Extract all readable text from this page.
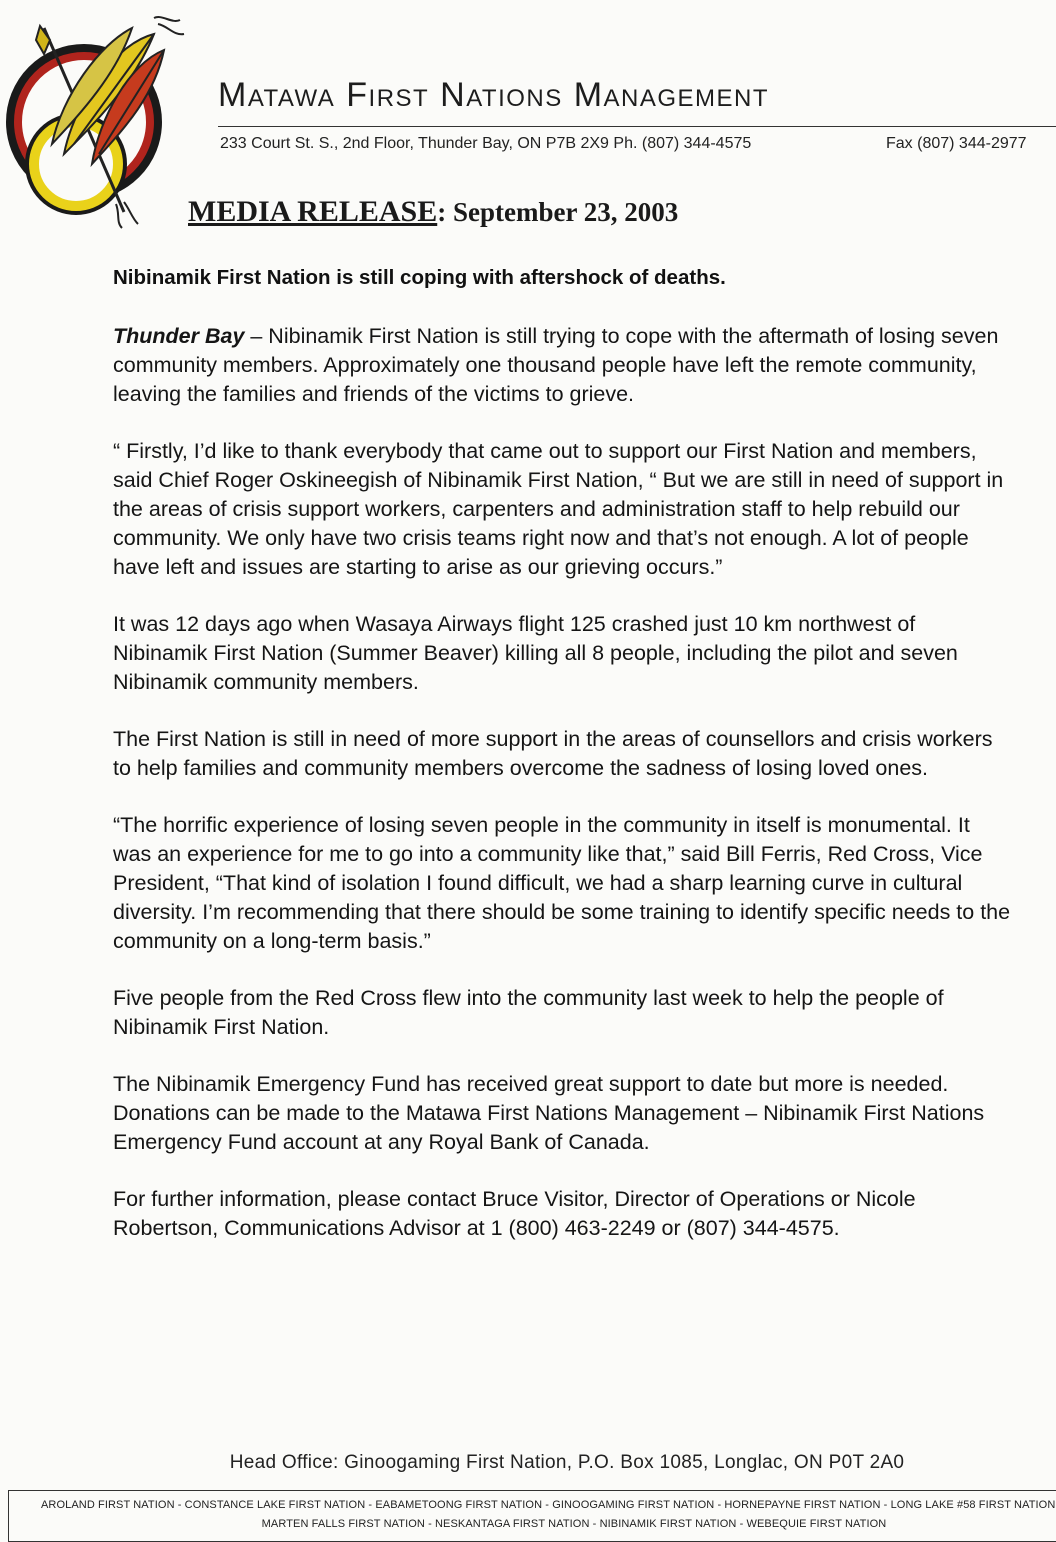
Matawa First Nations Management
233 Court St. S., 2nd Floor, Thunder Bay, ON P7B 2X9 Ph. (807) 344-4575	Fax (807) 344-2977
MEDIA RELEASE: September 23, 2003
Nibinamik First Nation is still coping with aftershock of deaths.

Thunder Bay – Nibinamik First Nation is still trying to cope with the aftermath of losing seven community members. Approximately one thousand people have left the remote community, leaving the families and friends of the victims to grieve.

“ Firstly, I’d like to thank everybody that came out to support our First Nation and members, said Chief Roger Oskineegish of Nibinamik First Nation, “ But we are still in need of support in the areas of crisis support workers, carpenters and administration staff to help rebuild our community. We only have two crisis teams right now and that’s not enough. A lot of people have left and issues are starting to arise as our grieving occurs.”

It was 12 days ago when Wasaya Airways flight 125 crashed just 10 km northwest of Nibinamik First Nation (Summer Beaver) killing all 8 people, including the pilot and seven Nibinamik community members.

The First Nation is still in need of more support in the areas of counsellors and crisis workers to help families and community members overcome the sadness of losing loved ones.

“The horrific experience of losing seven people in the community in itself is monumental. It was an experience for me to go into a community like that,” said Bill Ferris, Red Cross, Vice President, “That kind of isolation I found difficult, we had a sharp learning curve in cultural diversity. I’m recommending that there should be some training to identify specific needs to the community on a long-term basis.”

Five people from the Red Cross flew into the community last week to help the people of Nibinamik First Nation.

The Nibinamik Emergency Fund has received great support to date but more is needed. Donations can be made to the Matawa First Nations Management – Nibinamik First Nations Emergency Fund account at any Royal Bank of Canada.

For further information, please contact Bruce Visitor, Director of Operations or Nicole Robertson, Communications Advisor at 1 (800) 463-2249 or (807) 344-4575.

Head Office: Ginoogaming First Nation, P.O. Box 1085, Longlac, ON P0T 2A0
AROLAND FIRST NATION - CONSTANCE LAKE FIRST NATION - EABAMETOONG FIRST NATION - GINOOGAMING FIRST NATION - HORNEPAYNE FIRST NATION - LONG LAKE #58 FIRST NATION
MARTEN FALLS FIRST NATION - NESKANTAGA FIRST NATION - NIBINAMIK FIRST NATION - WEBEQUIE FIRST NATION
